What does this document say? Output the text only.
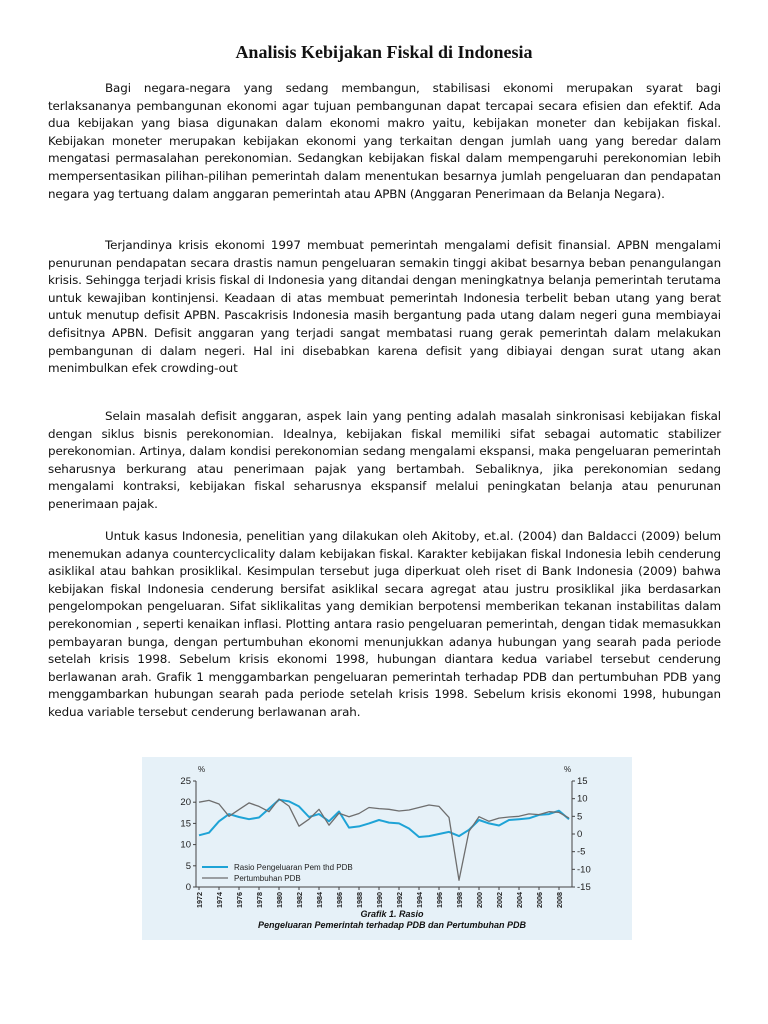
Analisis Kebijakan Fiskal di Indonesia

Bagi negara-negara yang sedang membangun, stabilisasi ekonomi merupakan syarat bagi terlaksananya pembangunan ekonomi agar tujuan pembangunan dapat tercapai secara efisien dan efektif. Ada dua kebijakan yang biasa digunakan dalam ekonomi makro yaitu, kebijakan moneter dan kebijakan fiskal. Kebijakan moneter merupakan kebijakan ekonomi yang terkaitan dengan jumlah uang yang beredar dalam mengatasi permasalahan perekonomian. Sedangkan kebijakan fiskal dalam mempengaruhi perekonomian lebih mempersentasikan pilihan-pilihan pemerintah dalam menentukan besarnya jumlah pengeluaran dan pendapatan negara yag tertuang dalam anggaran pemerintah atau APBN (Anggaran Penerimaan da Belanja Negara).

Terjandinya krisis ekonomi 1997 membuat pemerintah mengalami defisit finansial. APBN mengalami penurunan pendapatan secara drastis namun pengeluaran semakin tinggi akibat besarnya beban penangulangan krisis. Sehingga terjadi krisis fiskal di Indonesia yang ditandai dengan meningkatnya belanja pemerintah terutama untuk kewajiban kontinjensi. Keadaan di atas membuat pemerintah Indonesia terbelit beban utang yang berat untuk menutup defisit APBN. Pascakrisis Indonesia masih bergantung pada utang dalam negeri guna membiayai defisitnya APBN. Defisit anggaran yang terjadi sangat membatasi ruang gerak pemerintah dalam melakukan pembangunan di dalam negeri. Hal ini disebabkan karena defisit yang dibiayai dengan surat utang akan menimbulkan efek crowding-out

Selain masalah defisit anggaran, aspek lain yang penting adalah masalah sinkronisasi kebijakan fiskal dengan siklus bisnis perekonomian. Idealnya, kebijakan fiskal memiliki sifat sebagai automatic stabilizer perekonomian. Artinya, dalam kondisi perekonomian sedang mengalami ekspansi, maka pengeluaran pemerintah seharusnya berkurang atau penerimaan pajak yang bertambah. Sebaliknya, jika perekonomian sedang mengalami kontraksi, kebijakan fiskal seharusnya ekspansif melalui peningkatan belanja atau penurunan penerimaan pajak.

Untuk kasus Indonesia, penelitian yang dilakukan oleh Akitoby, et.al. (2004) dan Baldacci (2009) belum menemukan adanya countercyclicality dalam kebijakan fiskal. Karakter kebijakan fiskal Indonesia lebih cenderung asiklikal atau bahkan prosiklikal. Kesimpulan tersebut juga diperkuat oleh riset di Bank Indonesia (2009) bahwa kebijakan fiskal Indonesia cenderung bersifat asiklikal secara agregat atau justru prosiklikal jika berdasarkan pengelompokan pengeluaran. Sifat siklikalitas yang demikian berpotensi memberikan tekanan instabilitas dalam perekonomian , seperti kenaikan inflasi. Plotting antara rasio pengeluaran pemerintah, dengan tidak memasukkan pembayaran bunga, dengan pertumbuhan ekonomi menunjukkan adanya hubungan yang searah pada periode setelah krisis 1998. Sebelum krisis ekonomi 1998, hubungan diantara kedua variabel tersebut cenderung berlawanan arah. Grafik 1 menggambarkan pengeluaran pemerintah terhadap PDB dan pertumbuhan PDB yang menggambarkan hubungan searah pada periode setelah krisis 1998. Sebelum krisis ekonomi 1998, hubungan kedua variable tersebut cenderung berlawanan arah.

25
20
15
10
5
0
15
10
5
0
-5
-10
-15
1972 1974 1976 1978 1980 1982 1984 1986 1988 1990 1992 1994 1996 1998 2000 2002 2004 2006 2008
%	%
Rasio Pengeluaran Pem thd PDB
Pertumbuhan PDB
Grafik 1. Rasio
Pengeluaran Pemerintah terhadap PDB dan Pertumbuhan PDB
